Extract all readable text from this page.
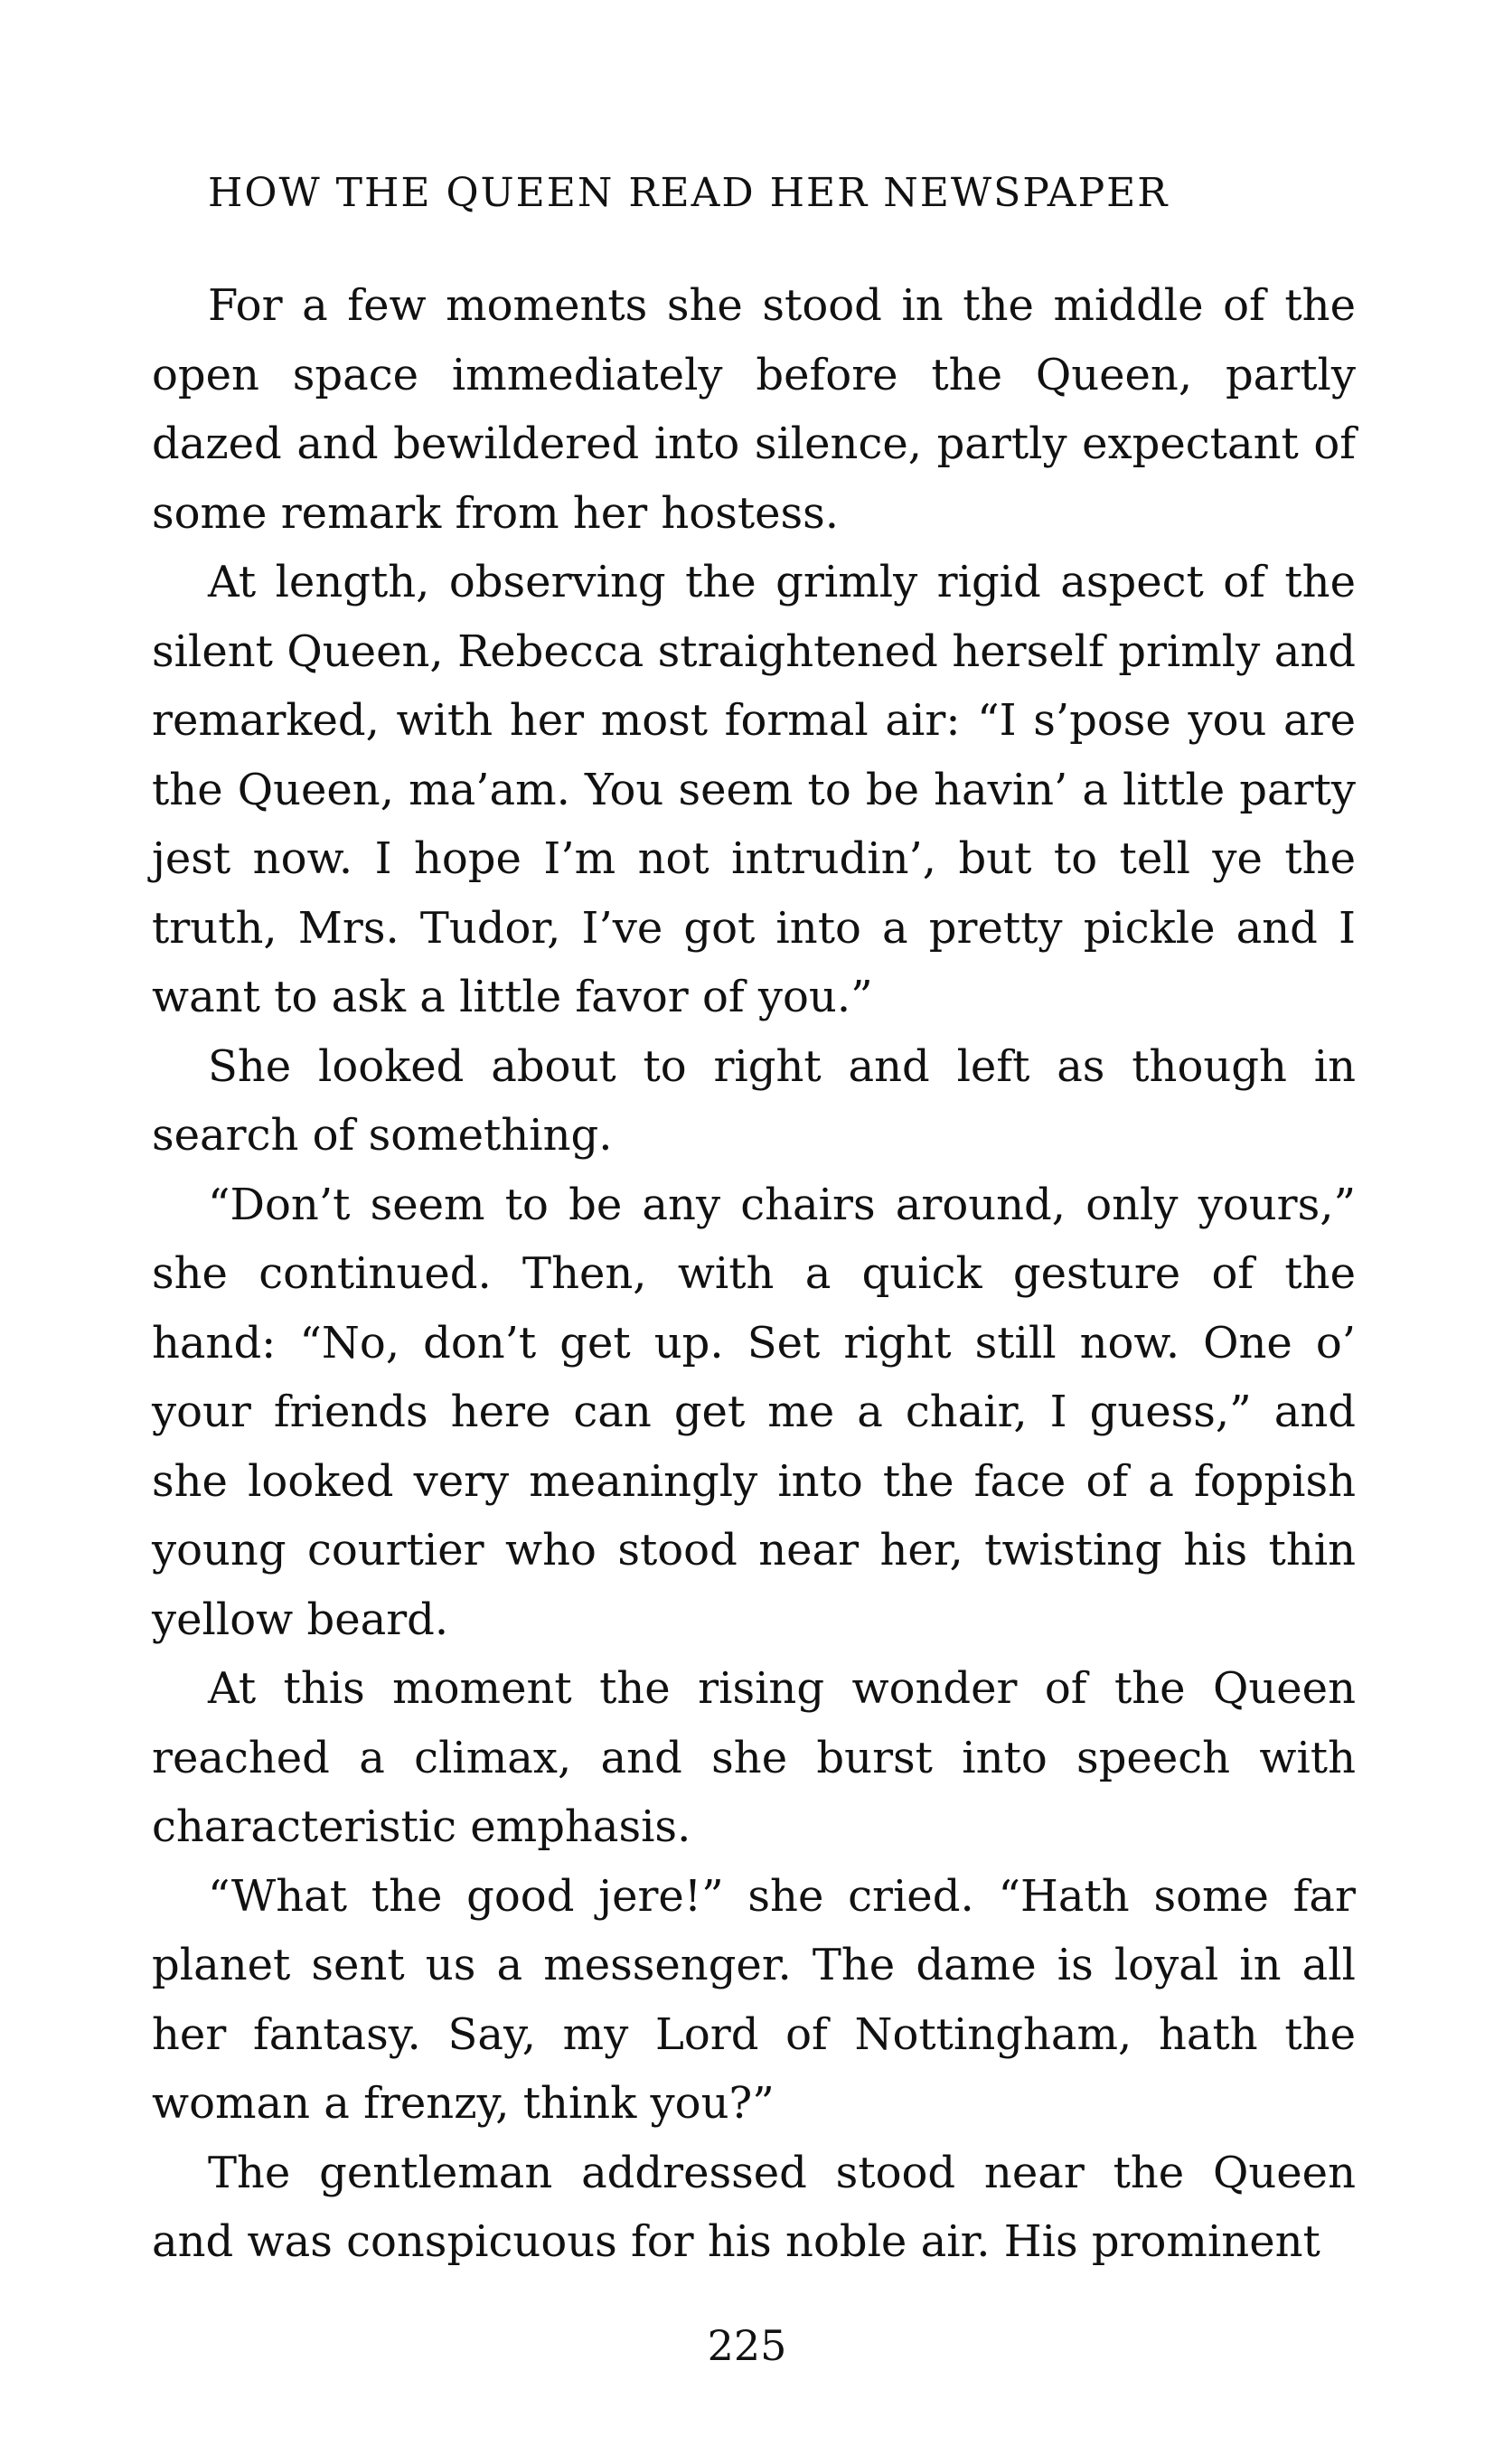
HOW THE QUEEN READ HER NEWSPAPER

For a few moments she stood in the middle of the open space immediately before the Queen, partly dazed and bewildered into silence, partly expectant of some remark from her hostess.

At length, observing the grimly rigid aspect of the silent Queen, Rebecca straightened herself primly and remarked, with her most formal air: “I s’pose you are the Queen, ma’am. You seem to be havin’ a little party jest now. I hope I’m not intrudin’, but to tell ye the truth, Mrs. Tudor, I’ve got into a pretty pickle and I want to ask a little favor of you.”

She looked about to right and left as though in search of something.

“Don’t seem to be any chairs around, only yours,” she continued. Then, with a quick gesture of the hand: “No, don’t get up. Set right still now. One o’ your friends here can get me a chair, I guess,” and she looked very meaningly into the face of a foppish young courtier who stood near her, twisting his thin yellow beard.

At this moment the rising wonder of the Queen reached a climax, and she burst into speech with characteristic emphasis.

“What the good jere!” she cried. “Hath some far planet sent us a messenger. The dame is loyal in all her fantasy. Say, my Lord of Nottingham, hath the woman a frenzy, think you?”

The gentleman addressed stood near the Queen and was conspicuous for his noble air. His prominent

225
